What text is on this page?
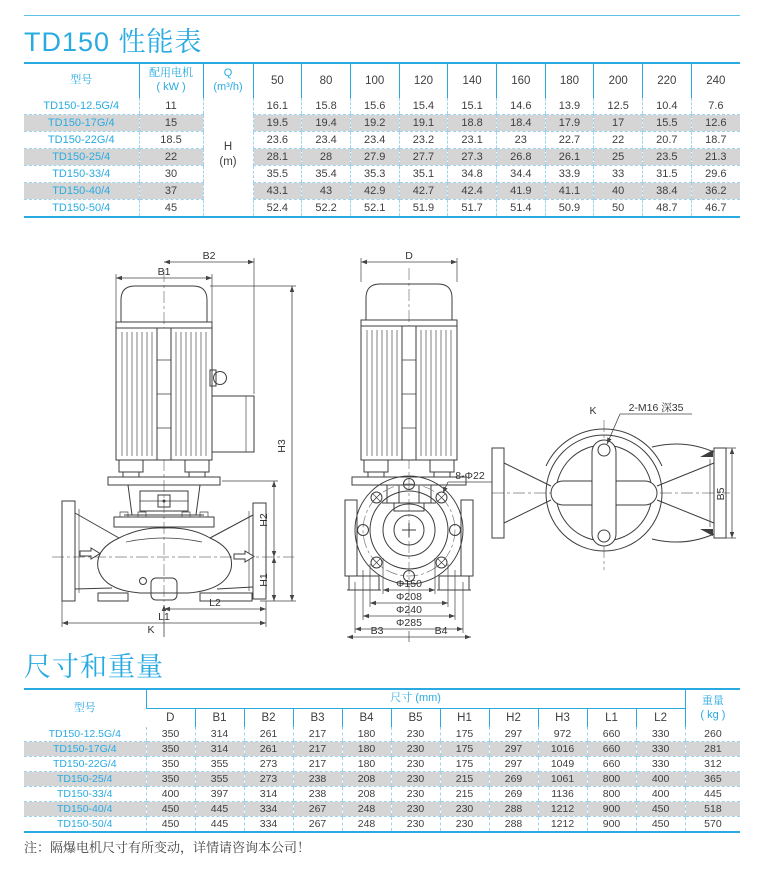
TD150 性能表
型号	配用电机
( kW )	Q
(m³/h)	50	80	100	120	140	160	180	200	220	240
TD150-12.5G/4	11		16.1	15.8	15.6	15.4	15.1	14.6	13.9	12.5	10.4	7.6
TD150-17G/4	15		19.5	19.4	19.2	19.1	18.8	18.4	17.9	17	15.5	12.6
TD150-22G/4	18.5		23.6	23.4	23.4	23.2	23.1	23	22.7	22	20.7	18.7
TD150-25/4	22		28.1	28	27.9	27.7	27.3	26.8	26.1	25	23.5	21.3
TD150-33/4	30		35.5	35.4	35.3	35.1	34.8	34.4	33.9	33	31.5	29.6
TD150-40/4	37		43.1	43	42.9	42.7	42.4	41.9	41.1	40	38.4	36.2
TD150-50/4	45		52.4	52.2	52.1	51.9	51.7	51.4	50.9	50	48.7	46.7
H
(m)
B2
B1
H3
H2
H1
L2
L1
K
8-Φ22
D
Φ150
Φ208
Φ240
Φ285
B3	B4
K	2-M16 深35
B5
尺寸和重量
型号	尺寸 (mm)											重量
( kg )
	D	B1	B2	B3	B4	B5	H1	H2	H3	L1	L2	
TD150-12.5G/4	350	314	261	217	180	230	175	297	972	660	330	260
TD150-17G/4	350	314	261	217	180	230	175	297	1016	660	330	281
TD150-22G/4	350	355	273	217	180	230	175	297	1049	660	330	312
TD150-25/4	350	355	273	238	208	230	215	269	1061	800	400	365
TD150-33/4	400	397	314	238	208	230	215	269	1136	800	400	445
TD150-40/4	450	445	334	267	248	230	230	288	1212	900	450	518
TD150-50/4	450	445	334	267	248	230	230	288	1212	900	450	570
注：隔爆电机尺寸有所变动，详情请咨询本公司！
